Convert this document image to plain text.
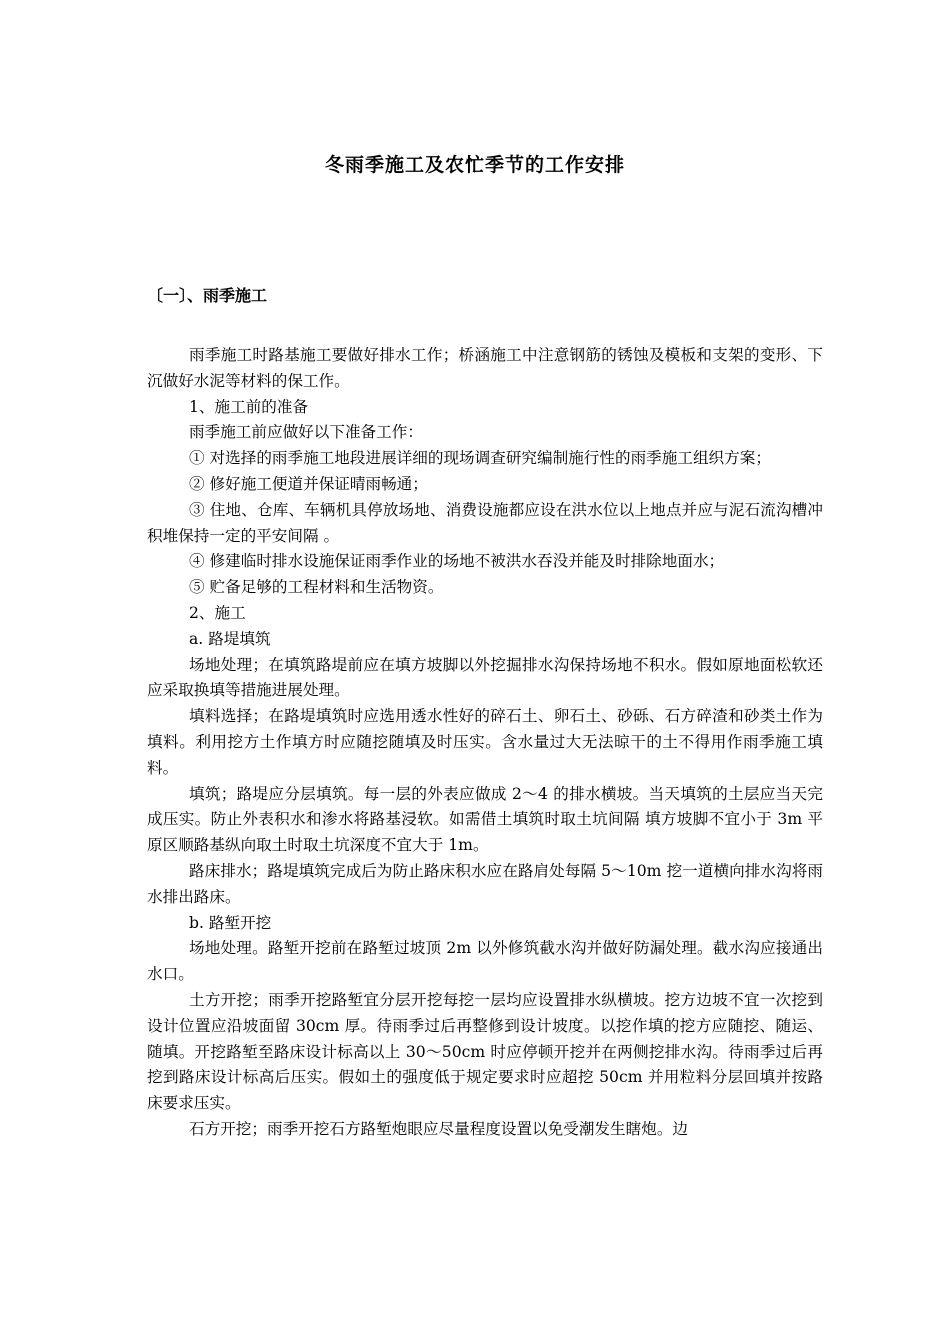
冬雨季施工及农忙季节的工作安排
〔一〕、雨季施工

雨季施工时路基施工要做好排水工作；桥涵施工中注意钢筋的锈蚀及模板和支架的变形、下沉做好水泥等材料的保工作。

1、施工前的准备

雨季施工前应做好以下准备工作：

① 对选择的雨季施工地段进展详细的现场调查研究编制施行性的雨季施工组织方案；

② 修好施工便道并保证晴雨畅通；

③ 住地、仓库、车辆机具停放场地、消费设施都应设在洪水位以上地点并应与泥石流沟槽冲积堆保持一定的平安间隔 。

④ 修建临时排水设施保证雨季作业的场地不被洪水吞没并能及时排除地面水；

⑤ 贮备足够的工程材料和生活物资。

2、施工

a. 路堤填筑

场地处理；在填筑路堤前应在填方坡脚以外挖掘排水沟保持场地不积水。假如原地面松软还应采取换填等措施进展处理。

填料选择；在路堤填筑时应选用透水性好的碎石土、卵石土、砂砾、石方碎渣和砂类土作为填料。利用挖方土作填方时应随挖随填及时压实。含水量过大无法晾干的土不得用作雨季施工填料。

填筑；路堤应分层填筑。每一层的外表应做成 2～4 的排水横坡。当天填筑的土层应当天完成压实。防止外表积水和渗水将路基浸软。如需借土填筑时取土坑间隔 填方坡脚不宜小于 3m 平原区顺路基纵向取土时取土坑深度不宜大于 1m。

路床排水；路堤填筑完成后为防止路床积水应在路肩处每隔 5～10m 挖一道横向排水沟将雨水排出路床。

b. 路堑开挖

场地处理。路堑开挖前在路堑过坡顶 2m 以外修筑截水沟并做好防漏处理。截水沟应接通出水口。

土方开挖；雨季开挖路堑宜分层开挖每挖一层均应设置排水纵横坡。挖方边坡不宜一次挖到设计位置应沿坡面留 30cm 厚。待雨季过后再整修到设计坡度。以挖作填的挖方应随挖、随运、随填。开挖路堑至路床设计标高以上 30～50cm 时应停顿开挖并在两侧挖排水沟。待雨季过后再挖到路床设计标高后压实。假如土的强度低于规定要求时应超挖 50cm 并用粒料分层回填并按路床要求压实。

石方开挖；雨季开挖石方路堑炮眼应尽量程度设置以免受潮发生瞎炮。边
